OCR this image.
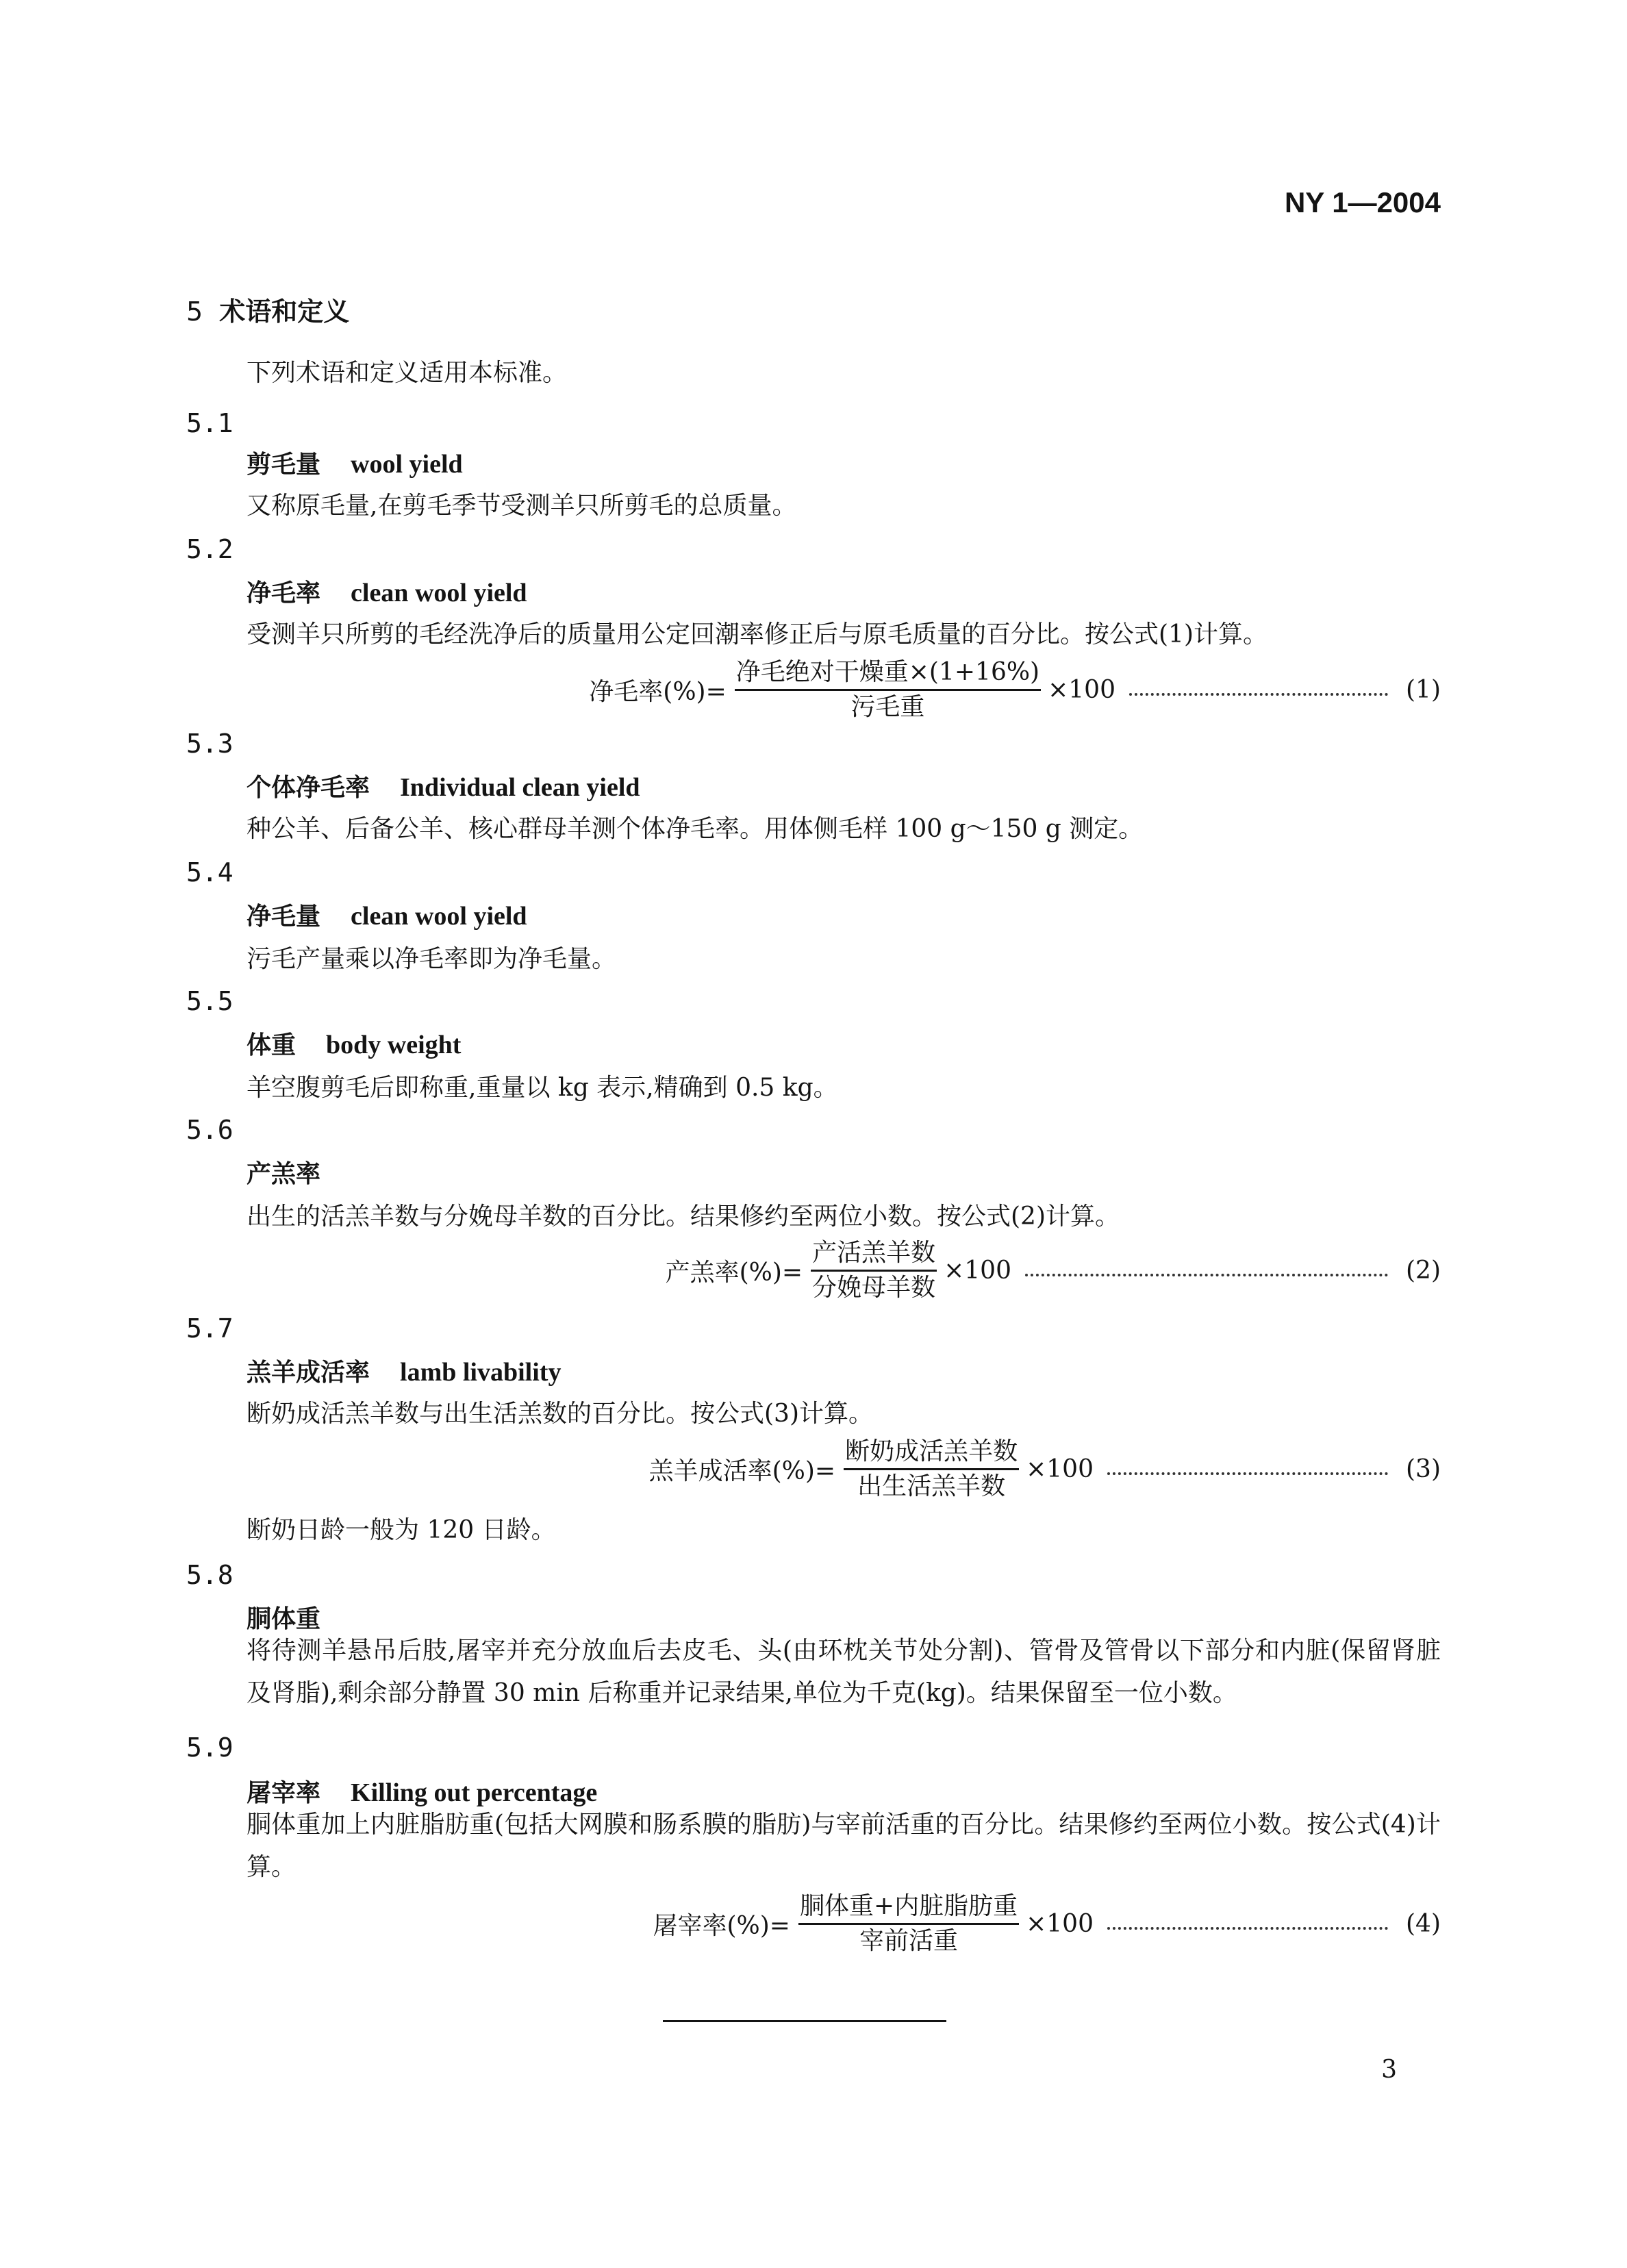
NY 1—2004
5 术语和定义
下列术语和定义适用本标准。
5.1
剪毛量 wool yield
又称原毛量,在剪毛季节受测羊只所剪毛的总质量。
5.2
净毛率 clean wool yield
受测羊只所剪的毛经洗净后的质量用公定回潮率修正后与原毛质量的百分比。按公式(1)计算。
净毛率(%)= $\frac{\text{净毛绝对干燥重×(1+16\%)}}{\text{污毛重}} \times 100$	(1)
5.3
个体净毛率 Individual clean yield
种公羊、后备公羊、核心群母羊测个体净毛率。用体侧毛样 100 g～150 g 测定。
5.4
净毛量 clean wool yield
污毛产量乘以净毛率即为净毛量。
5.5
体重 body weight
羊空腹剪毛后即称重,重量以 kg 表示,精确到 0.5 kg。
5.6
产羔率
出生的活羔羊数与分娩母羊数的百分比。结果修约至两位小数。按公式(2)计算。
产羔率(%)= $\frac{\text{产活羔羊数}}{\text{分娩母羊数}} \times 100$	(2)
5.7
羔羊成活率 lamb livability
断奶成活羔羊数与出生活羔数的百分比。按公式(3)计算。
羔羊成活率(%)= $\frac{\text{断奶成活羔羊数}}{\text{出生活羔羊数}} \times 100$	(3)
断奶日龄一般为 120 日龄。
5.8
胴体重
将待测羊悬吊后肢,屠宰并充分放血后去皮毛、头(由环枕关节处分割)、管骨及管骨以下部分和内脏(保留肾脏及肾脂),剩余部分静置 30 min 后称重并记录结果,单位为千克(kg)。结果保留至一位小数。
5.9
屠宰率 Killing out percentage
胴体重加上内脏脂肪重(包括大网膜和肠系膜的脂肪)与宰前活重的百分比。结果修约至两位小数。按公式(4)计算。
屠宰率(%)= $\frac{\text{胴体重+内脏脂肪重}}{\text{宰前活重}} \times 100$	(4)
3
